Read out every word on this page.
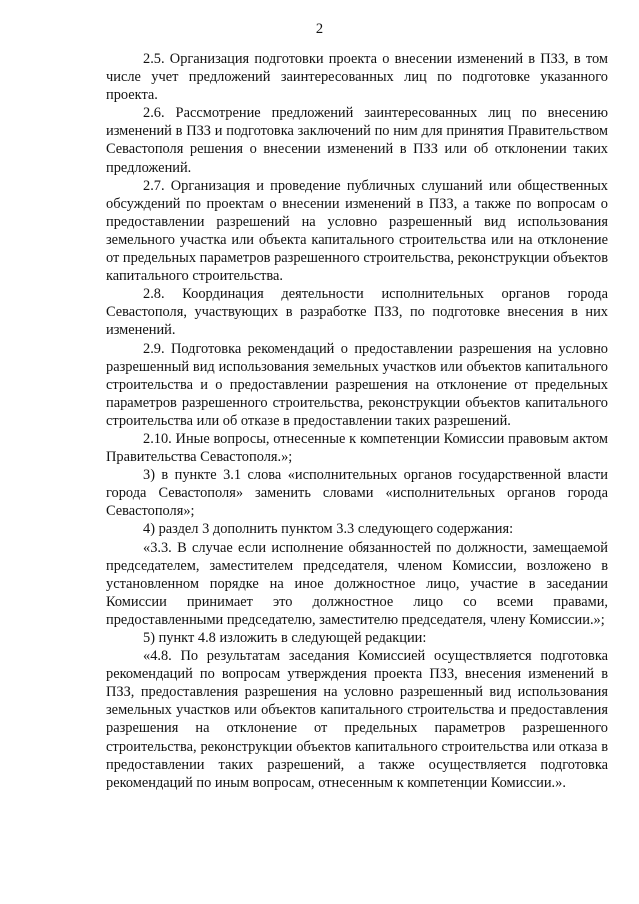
2

2.5. Организация подготовки проекта о внесении изменений в ПЗЗ, в том числе учет предложений заинтересованных лиц по подготовке указанного проекта.

2.6. Рассмотрение предложений заинтересованных лиц по внесению изменений в ПЗЗ и подготовка заключений по ним для принятия Правительством Севастополя решения о внесении изменений в ПЗЗ или об отклонении таких предложений.

2.7. Организация и проведение публичных слушаний или общественных обсуждений по проектам о внесении изменений в ПЗЗ, а также по вопросам о предоставлении разрешений на условно разрешенный вид использования земельного участка или объекта капитального строительства или на отклонение от предельных параметров разрешенного строительства, реконструкции объектов капитального строительства.

2.8. Координация деятельности исполнительных органов города Севастополя, участвующих в разработке ПЗЗ, по подготовке внесения в них изменений.

2.9. Подготовка рекомендаций о предоставлении разрешения на условно разрешенный вид использования земельных участков или объектов капитального строительства и о предоставлении разрешения на отклонение от предельных параметров разрешенного строительства, реконструкции объектов капитального строительства или об отказе в предоставлении таких разрешений.

2.10. Иные вопросы, отнесенные к компетенции Комиссии правовым актом Правительства Севастополя.»;

3) в пункте 3.1 слова «исполнительных органов государственной власти города Севастополя» заменить словами «исполнительных органов города Севастополя»;

4) раздел 3 дополнить пунктом 3.3 следующего содержания:

«3.3. В случае если исполнение обязанностей по должности, замещаемой председателем, заместителем председателя, членом Комиссии, возложено в установленном порядке на иное должностное лицо, участие в заседании Комиссии принимает это должностное лицо со всеми правами, предоставленными председателю, заместителю председателя, члену Комиссии.»;

5) пункт 4.8 изложить в следующей редакции:

«4.8. По результатам заседания Комиссией осуществляется подготовка рекомендаций по вопросам утверждения проекта ПЗЗ, внесения изменений в ПЗЗ, предоставления разрешения на условно разрешенный вид использования земельных участков или объектов капитального строительства и предоставления разрешения на отклонение от предельных параметров разрешенного строительства, реконструкции объектов капитального строительства или отказа в предоставлении таких разрешений, а также осуществляется подготовка рекомендаций по иным вопросам, отнесенным к компетенции Комиссии.».
